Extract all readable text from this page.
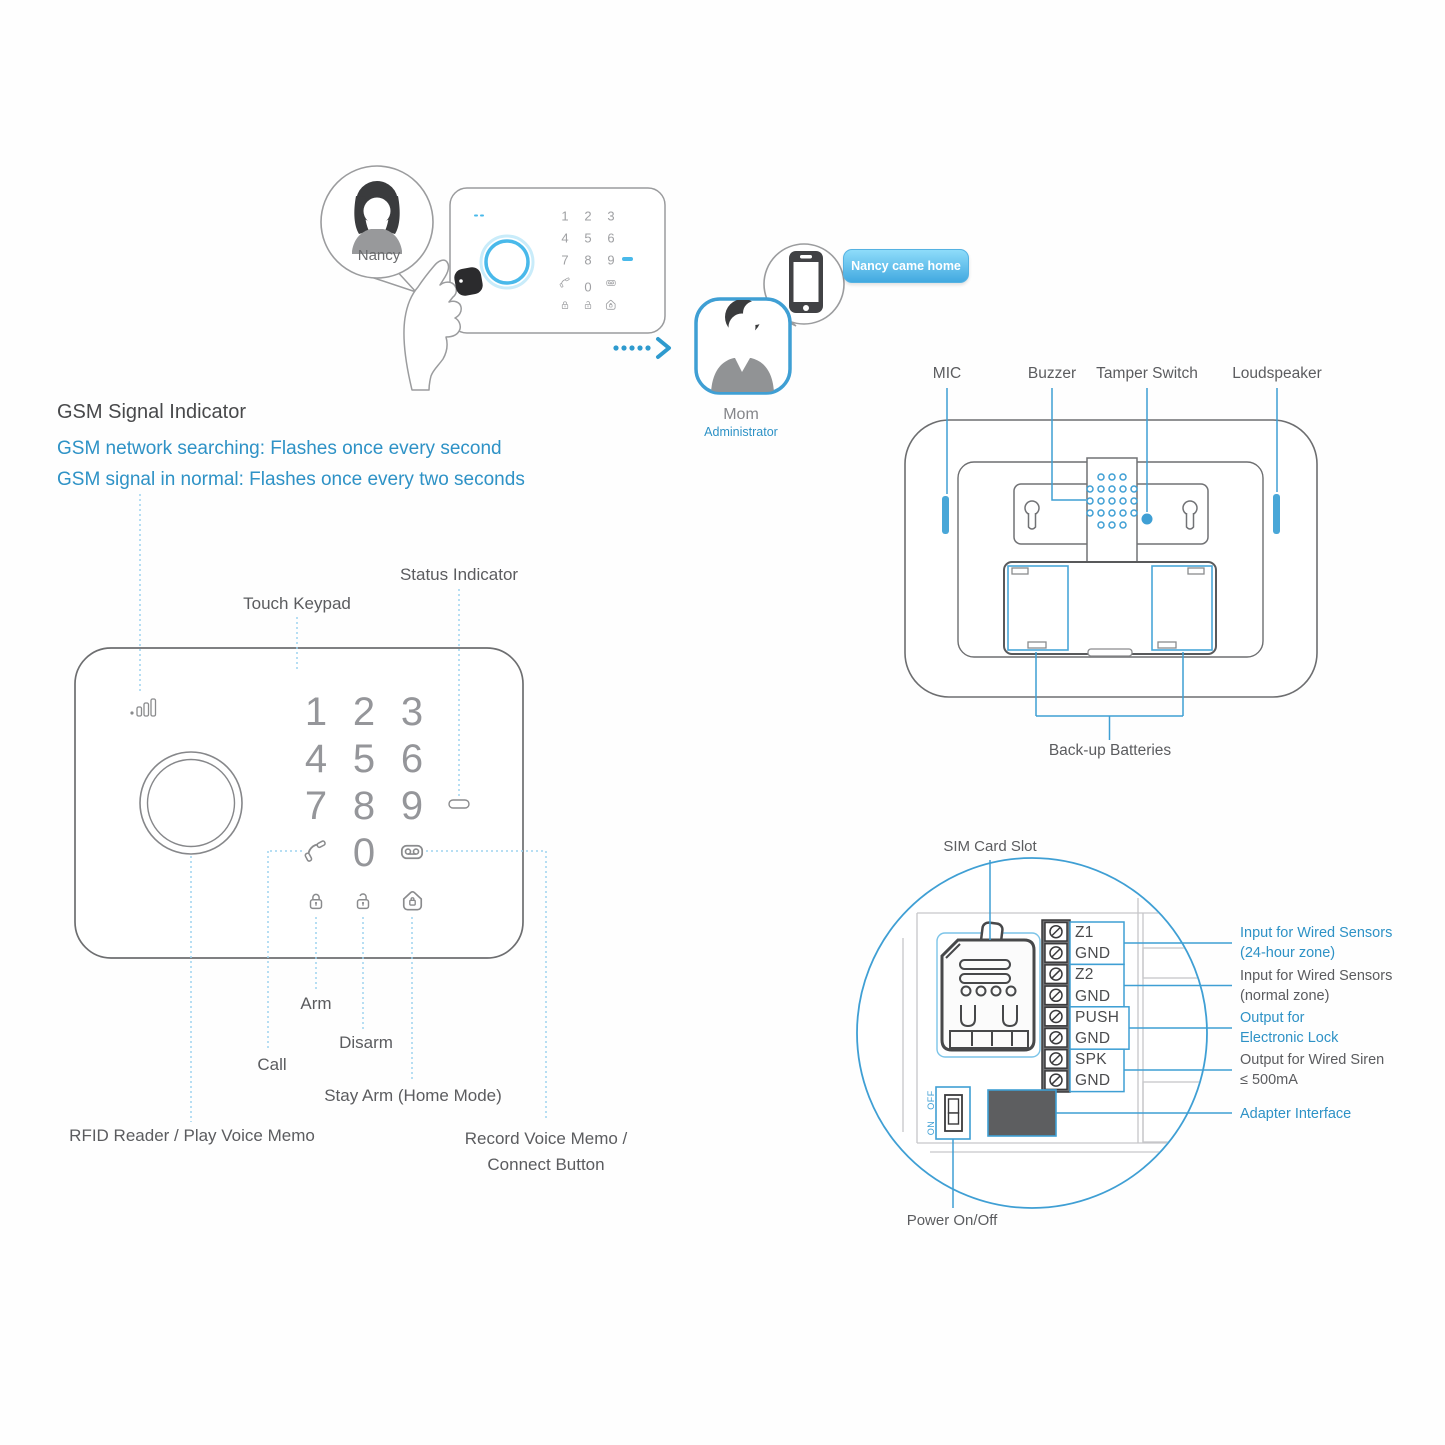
1 2 3
4 5 6
7 8 9
0
1 2 3
4 5 6
7 8 9
0
OFF
ON

GSM Signal Indicator

GSM network searching: Flashes once every second

GSM signal in normal: Flashes once every two seconds

Nancy
Nancy came home
Mom
Administrator
Status Indicator
Touch Keypad
Arm
Disarm
Call
Stay Arm (Home Mode)
RFID Reader / Play Voice Memo	Record Voice Memo /
Connect Button
MIC	Buzzer Tamper Switch Loudspeaker
Back-up Batteries
SIM Card Slot
Power On/Off
Z1
GND
Z2
GND
PUSH
GND
SPK
GND
Input for Wired Sensors
(24-hour zone)
Input for Wired Sensors
(normal zone)
Output for
Electronic Lock
Output for Wired Siren
≤ 500mA
Adapter Interface
